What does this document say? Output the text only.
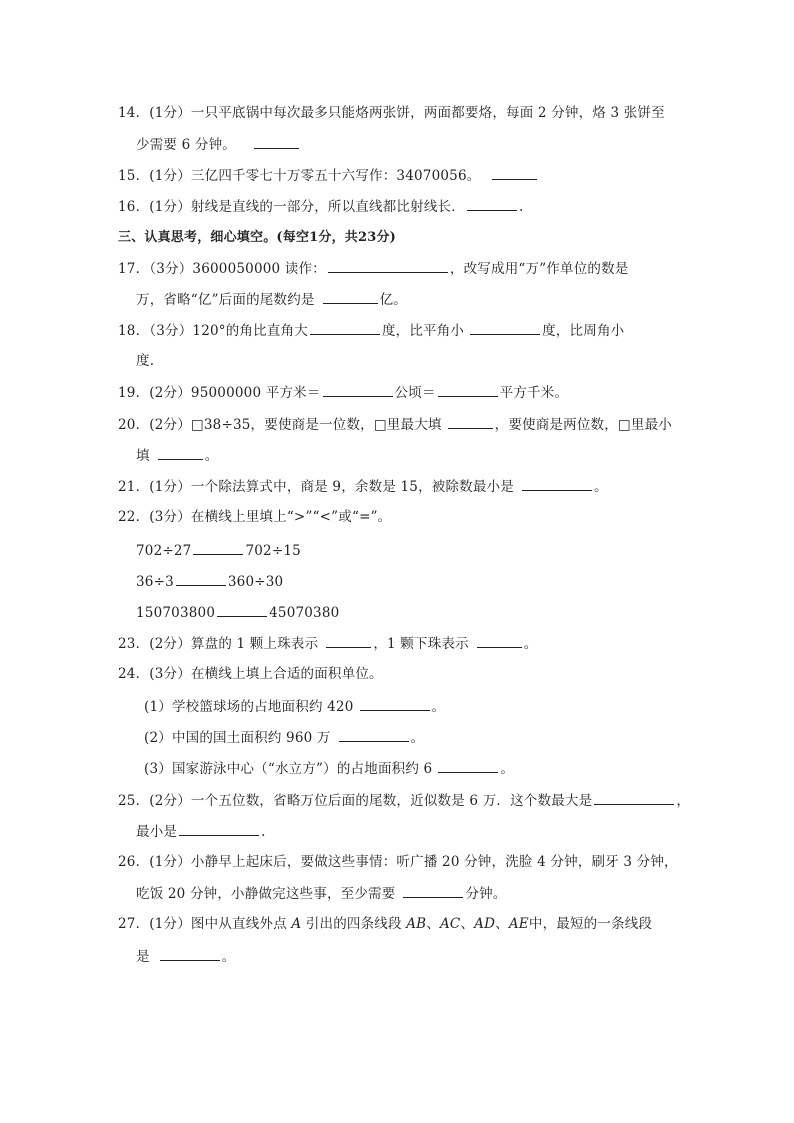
14．(1分）一只平底锅中每次最多只能烙两张饼，两面都要烙，每面 2 分钟，烙 3 张饼至
少需要 6 分钟。
15．(1分）三亿四千零七十万零五十六写作：34070056。
16．(1分）射线是直线的一部分，所以直线都比射线长．	.
三、认真思考，细心填空。(每空1分，共23分)
17．（3分）3600050000 读作：	，改写成用“万”作单位的数是
万，省略“亿”后面的尾数约是	亿。
18．（3分）120°的角比直角大	度，比平角小	度，比周角小
度.
19．(2分）95000000 平方米＝	公顷＝	平方千米。
20．(2分）□38÷35，要使商是一位数，□里最大填	，要使商是两位数，□里最小
填	。
21．(1分）一个除法算式中，商是 9，余数是 15，被除数最小是	。
22．(3分）在横线上里填上“>”“<”或“=”。
702÷27	702÷15
36÷3	360÷30
150703800	45070380
23．(2分）算盘的 1 颗上珠表示	，1 颗下珠表示	。
24．(3分）在横线上填上合适的面积单位。
(1）学校篮球场的占地面积约 420	。
(2）中国的国土面积约 960 万	。
(3）国家游泳中心（“水立方”）的占地面积约 6	。
25．(2分）一个五位数，省略万位后面的尾数，近似数是 6 万．这个数最大是	，
最小是	.
26．(1分）小静早上起床后，要做这些事情：听广播 20 分钟，洗脸 4 分钟，刷牙 3 分钟，
吃饭 20 分钟，小静做完这些事，至少需要	分钟。
27．(1分）图中从直线外点 A 引出的四条线段 AB、AC、AD、AE中，最短的一条线段
是	。
